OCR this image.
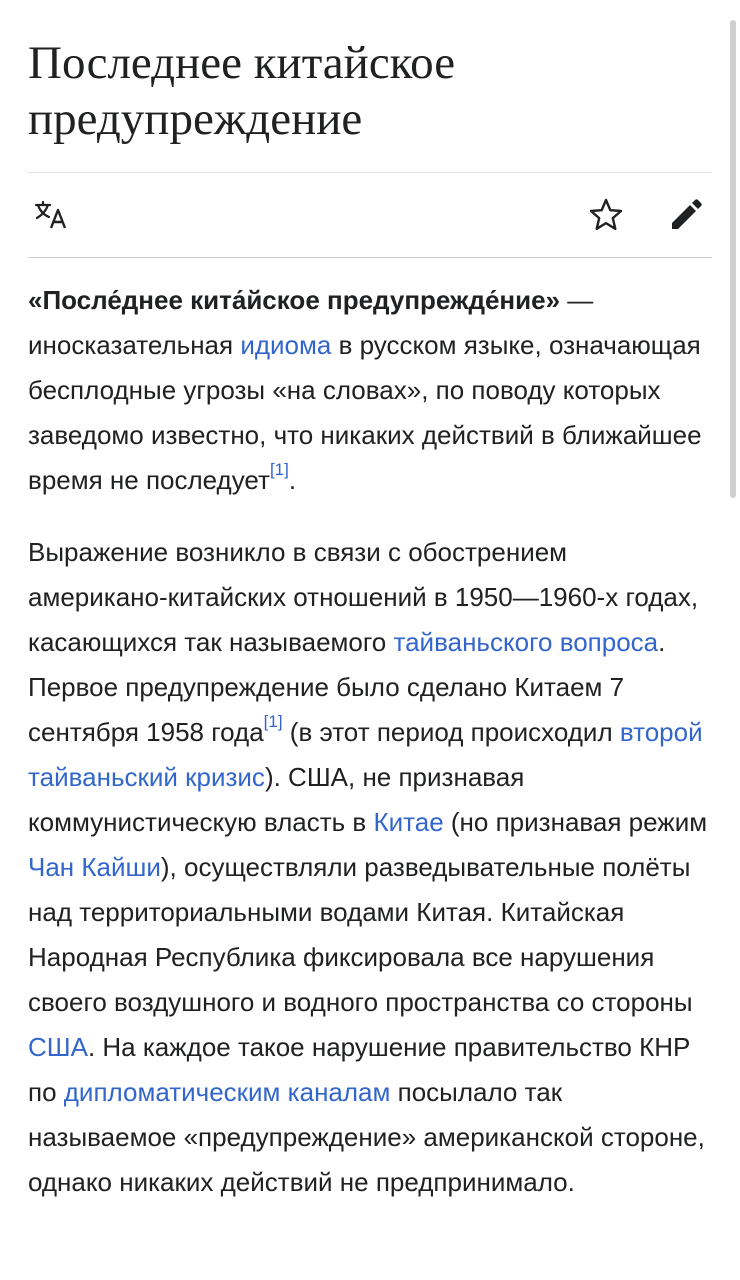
Последнее китайское предупреждение

«После́днее кита́йское предупрежде́ние» — иносказательная идиома в русском языке, означающая бесплодные угрозы «на словах», по поводу которых заведомо известно, что никаких действий в ближайшее время не последует[1].

Выражение возникло в связи с обострением американо-китайских отношений в 1950—1960-х годах, касающихся так называемого тайваньского вопроса. Первое предупреждение было сделано Китаем 7 сентября 1958 года[1] (в этот период происходил второй тайваньский кризис). США, не признавая коммунистическую власть в Китае (но признавая режим Чан Кайши), осуществляли разведывательные полёты над территориальными водами Китая. Китайская Народная Республика фиксировала все нарушения своего воздушного и водного пространства со стороны США. На каждое такое нарушение правительство КНР по дипломатическим каналам посылало так называемое «предупреждение» американской стороне, однако никаких действий не предпринимало.
